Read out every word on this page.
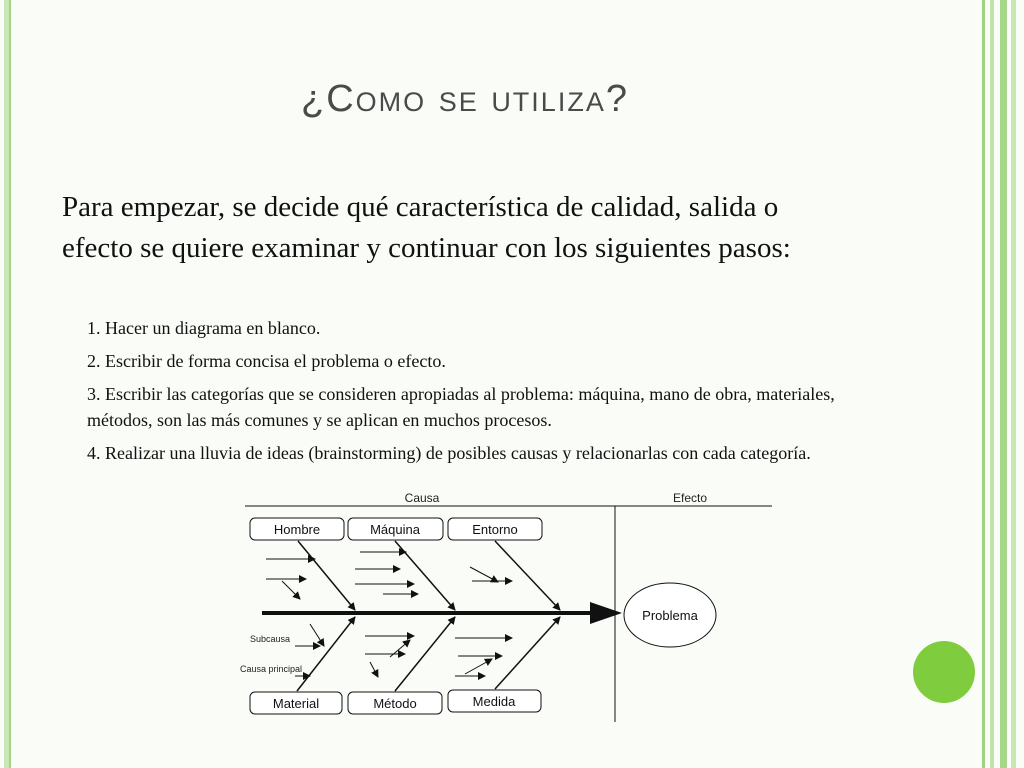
¿Como se utiliza?

Para empezar, se decide qué característica de calidad, salida o efecto se quiere examinar y continuar con los siguientes pasos:

1. Hacer un diagrama en blanco.
2. Escribir de forma concisa el problema o efecto.
3. Escribir las categorías que se consideren apropiadas al problema: máquina, mano de obra, materiales, métodos, son las más comunes y se aplican en muchos procesos.
4. Realizar una lluvia de ideas (brainstorming) de posibles causas y relacionarlas con cada categoría.
Causa	Efecto
Problema
Hombre	Máquina	Entorno
Material	Método	Medida
Subcausa
Causa principal
